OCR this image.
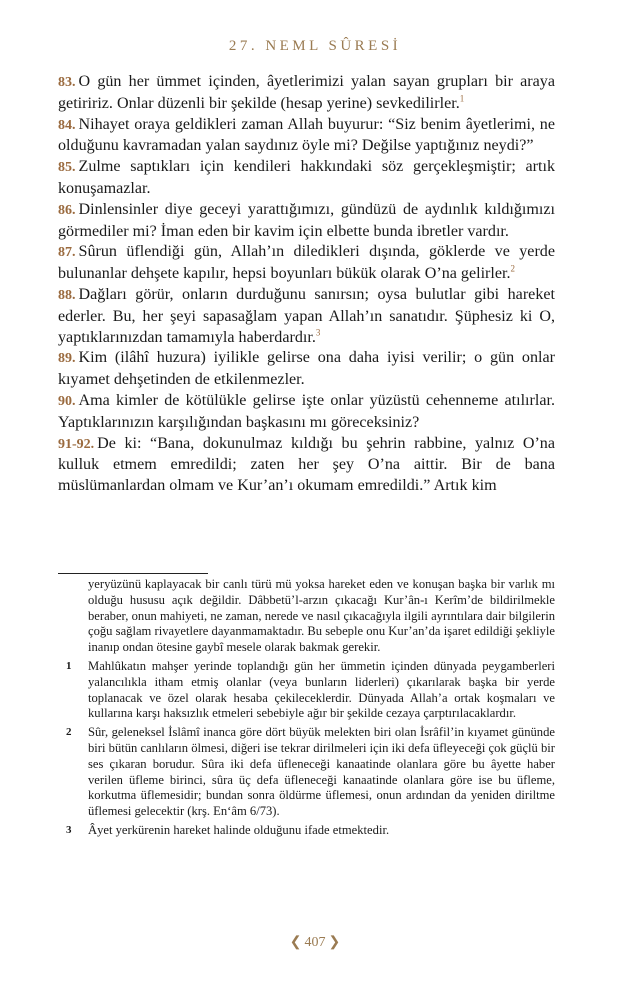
27. NEML SÛRESİ

83. O gün her ümmet içinden, âyetlerimizi yalan sayan grupları bir araya getiririz. Onlar düzenli bir şekilde (hesap yerine) sevkedilirler.$^1$

84. Nihayet oraya geldikleri zaman Allah buyurur: “Siz benim âyetlerimi, ne olduğunu kavramadan yalan saydınız öyle mi? Değilse yaptığınız neydi?”

85. Zulme saptıkları için kendileri hakkındaki söz gerçekleşmiştir; artık konuşamazlar.

86. Dinlensinler diye geceyi yarattığımızı, gündüzü de aydınlık kıldığımızı görmediler mi? İman eden bir kavim için elbette bunda ibretler vardır.

87. Sûrun üflendiği gün, Allah’ın diledikleri dışında, göklerde ve yerde bulunanlar dehşete kapılır, hepsi boyunları bükük olarak O’na gelirler.$^2$

88. Dağları görür, onların durduğunu sanırsın; oysa bulutlar gibi hareket ederler. Bu, her şeyi sapasağlam yapan Allah’ın sanatıdır. Şüphesiz ki O, yaptıklarınızdan tamamıyla haberdardır.$^3$

89. Kim (ilâhî huzura) iyilikle gelirse ona daha iyisi verilir; o gün onlar kıyamet dehşetinden de etkilenmezler.

90. Ama kimler de kötülükle gelirse işte onlar yüzüstü cehenneme atılırlar. Yaptıklarınızın karşılığından başkasını mı göreceksiniz?

91-92. De ki: “Bana, dokunulmaz kıldığı bu şehrin rabbine, yalnız O’na kulluk etmem emredildi; zaten her şey O’na aittir. Bir de bana müslümanlardan olmam ve Kur’an’ı okumam emredildi.” Artık kim

yeryüzünü kaplayacak bir canlı türü mü yoksa hareket eden ve konuşan başka bir varlık mı olduğu hususu açık değildir. Dâbbetü’l-arzın çıkacağı Kur’ân-ı Kerîm’de bildirilmekle beraber, onun mahiyeti, ne zaman, nerede ve nasıl çıkacağıyla ilgili ayrıntılara dair bilgilerin çoğu sağlam rivayetlere dayanmamaktadır. Bu sebeple onu Kur’an’da işaret edildiği şekliyle inanıp ondan ötesine gaybî mesele olarak bakmak gerekir.

1 Mahlûkatın mahşer yerinde toplandığı gün her ümmetin içinden dünyada peygamberleri yalancılıkla itham etmiş olanlar (veya bunların liderleri) çıkarılarak başka bir yerde toplanacak ve özel olarak hesaba çekileceklerdir. Dünyada Allah’a ortak koşmaları ve kullarına karşı haksızlık etmeleri sebebiyle ağır bir şekilde cezaya çarptırılacaklardır.

2 Sûr, geleneksel İslâmî inanca göre dört büyük melekten biri olan İsrâfil’in kıyamet gününde biri bütün canlıların ölmesi, diğeri ise tekrar dirilmeleri için iki defa üfleyeceği çok güçlü bir ses çıkaran borudur. Sûra iki defa üfleneceği kanaatinde olanlara göre bu âyette haber verilen üfleme birinci, sûra üç defa üfleneceği kanaatinde olanlara göre ise bu üfleme, korkutma üflemesidir; bundan sonra öldürme üflemesi, onun ardından da yeniden diriltme üflemesi gelecektir (krş. En‘âm 6/73).

3 Âyet yerkürenin hareket halinde olduğunu ifade etmektedir.

❮ 407 ❯
